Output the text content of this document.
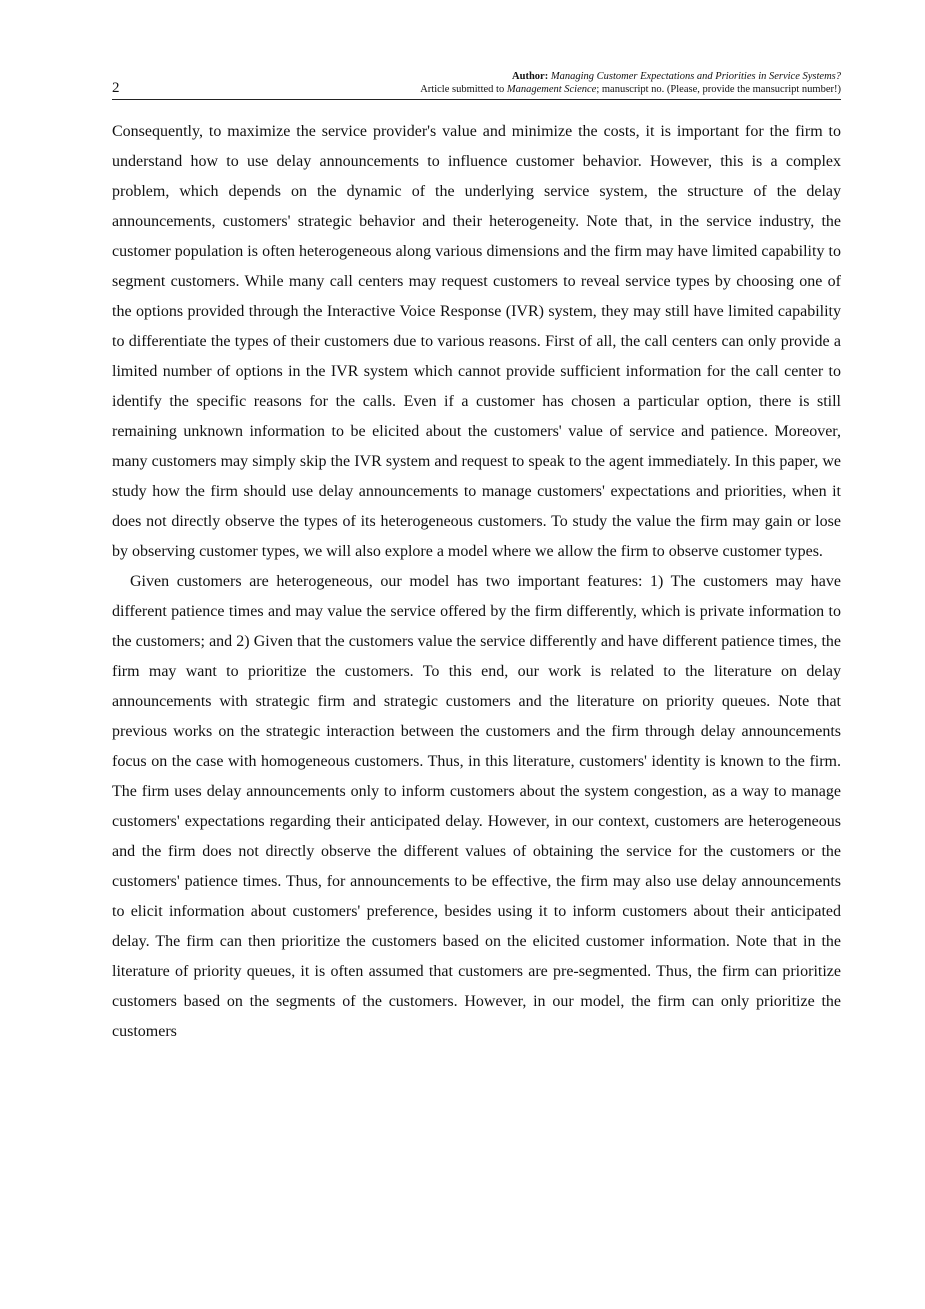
2
Author: Managing Customer Expectations and Priorities in Service Systems?
Article submitted to Management Science; manuscript no. (Please, provide the mansucript number!)

Consequently, to maximize the service provider's value and minimize the costs, it is important for the firm to understand how to use delay announcements to influence customer behavior. However, this is a complex problem, which depends on the dynamic of the underlying service system, the structure of the delay announcements, customers' strategic behavior and their heterogeneity. Note that, in the service industry, the customer population is often heterogeneous along various dimensions and the firm may have limited capability to segment customers. While many call centers may request customers to reveal service types by choosing one of the options provided through the Interactive Voice Response (IVR) system, they may still have limited capability to differentiate the types of their customers due to various reasons. First of all, the call centers can only provide a limited number of options in the IVR system which cannot provide sufficient information for the call center to identify the specific reasons for the calls. Even if a customer has chosen a particular option, there is still remaining unknown information to be elicited about the customers' value of service and patience. Moreover, many customers may simply skip the IVR system and request to speak to the agent immediately. In this paper, we study how the firm should use delay announcements to manage customers' expectations and priorities, when it does not directly observe the types of its heterogeneous customers. To study the value the firm may gain or lose by observing customer types, we will also explore a model where we allow the firm to observe customer types.

Given customers are heterogeneous, our model has two important features: 1) The customers may have different patience times and may value the service offered by the firm differently, which is private information to the customers; and 2) Given that the customers value the service differently and have different patience times, the firm may want to prioritize the customers. To this end, our work is related to the literature on delay announcements with strategic firm and strategic customers and the literature on priority queues. Note that previous works on the strategic interaction between the customers and the firm through delay announcements focus on the case with homogeneous customers. Thus, in this literature, customers' identity is known to the firm. The firm uses delay announcements only to inform customers about the system congestion, as a way to manage customers' expectations regarding their anticipated delay. However, in our context, customers are heterogeneous and the firm does not directly observe the different values of obtaining the service for the customers or the customers' patience times. Thus, for announcements to be effective, the firm may also use delay announcements to elicit information about customers' preference, besides using it to inform customers about their anticipated delay. The firm can then prioritize the customers based on the elicited customer information. Note that in the literature of priority queues, it is often assumed that customers are pre-segmented. Thus, the firm can prioritize customers based on the segments of the customers. However, in our model, the firm can only prioritize the customers
